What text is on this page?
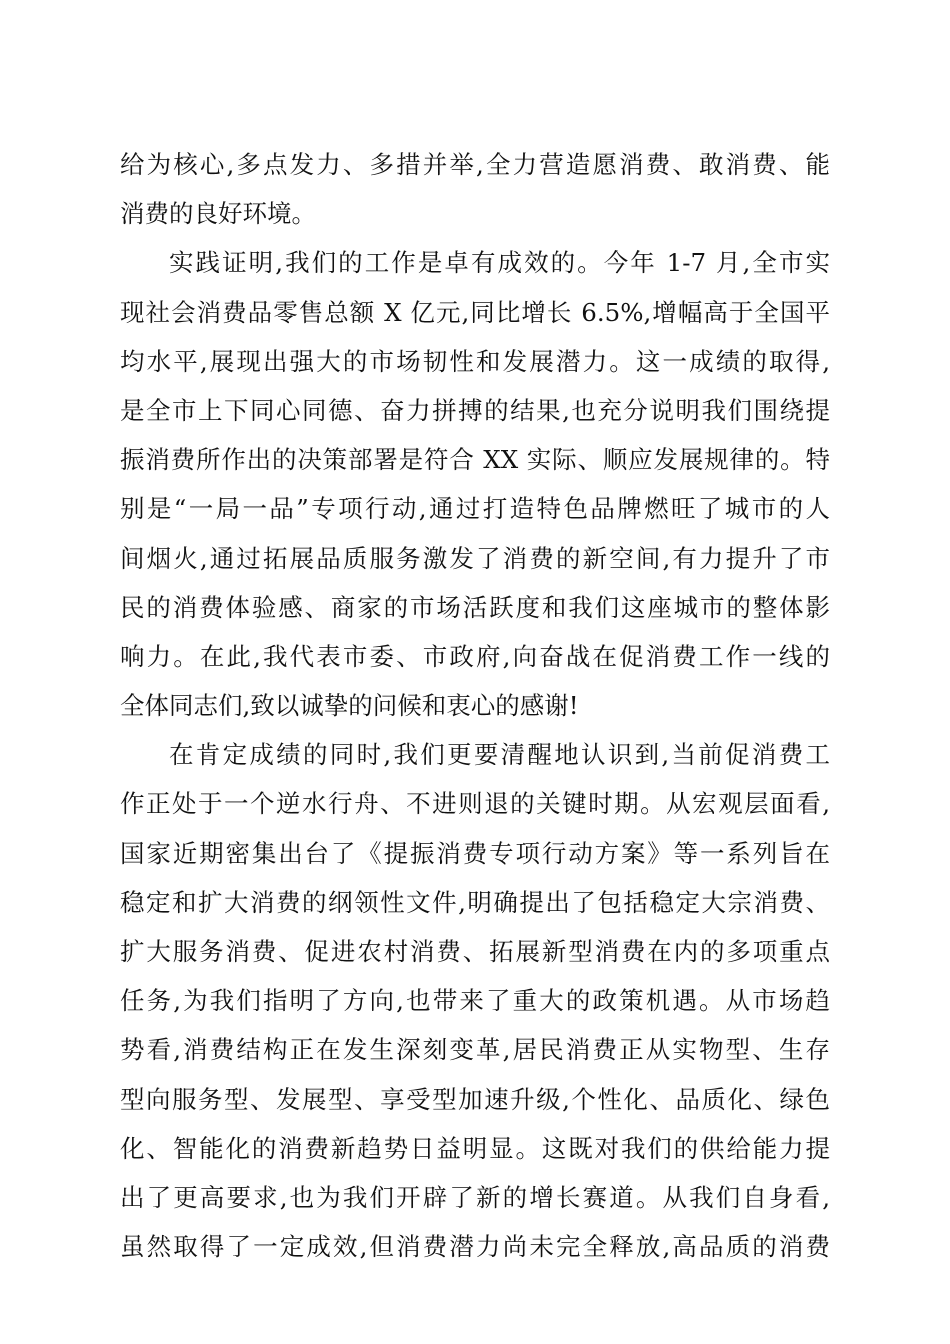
给为核心,多点发力、多措并举,全力营造愿消费、敢消费、能
消费的良好环境。
实践证明,我们的工作是卓有成效的。今年 1-7 月,全市实
现社会消费品零售总额 X 亿元,同比增长 6.5%,增幅高于全国平
均水平,展现出强大的市场韧性和发展潜力。这一成绩的取得,
是全市上下同心同德、奋力拼搏的结果,也充分说明我们围绕提
振消费所作出的决策部署是符合 XX 实际、顺应发展规律的。特
别是“一局一品”专项行动,通过打造特色品牌燃旺了城市的人
间烟火,通过拓展品质服务激发了消费的新空间,有力提升了市
民的消费体验感、商家的市场活跃度和我们这座城市的整体影
响力。在此,我代表市委、市政府,向奋战在促消费工作一线的
全体同志们,致以诚挚的问候和衷心的感谢!
在肯定成绩的同时,我们更要清醒地认识到,当前促消费工
作正处于一个逆水行舟、不进则退的关键时期。从宏观层面看,
国家近期密集出台了《提振消费专项行动方案》等一系列旨在
稳定和扩大消费的纲领性文件,明确提出了包括稳定大宗消费、
扩大服务消费、促进农村消费、拓展新型消费在内的多项重点
任务,为我们指明了方向,也带来了重大的政策机遇。从市场趋
势看,消费结构正在发生深刻变革,居民消费正从实物型、生存
型向服务型、发展型、享受型加速升级,个性化、品质化、绿色
化、智能化的消费新趋势日益明显。这既对我们的供给能力提
出了更高要求,也为我们开辟了新的增长赛道。从我们自身看,
虽然取得了一定成效,但消费潜力尚未完全释放,高品质的消费
